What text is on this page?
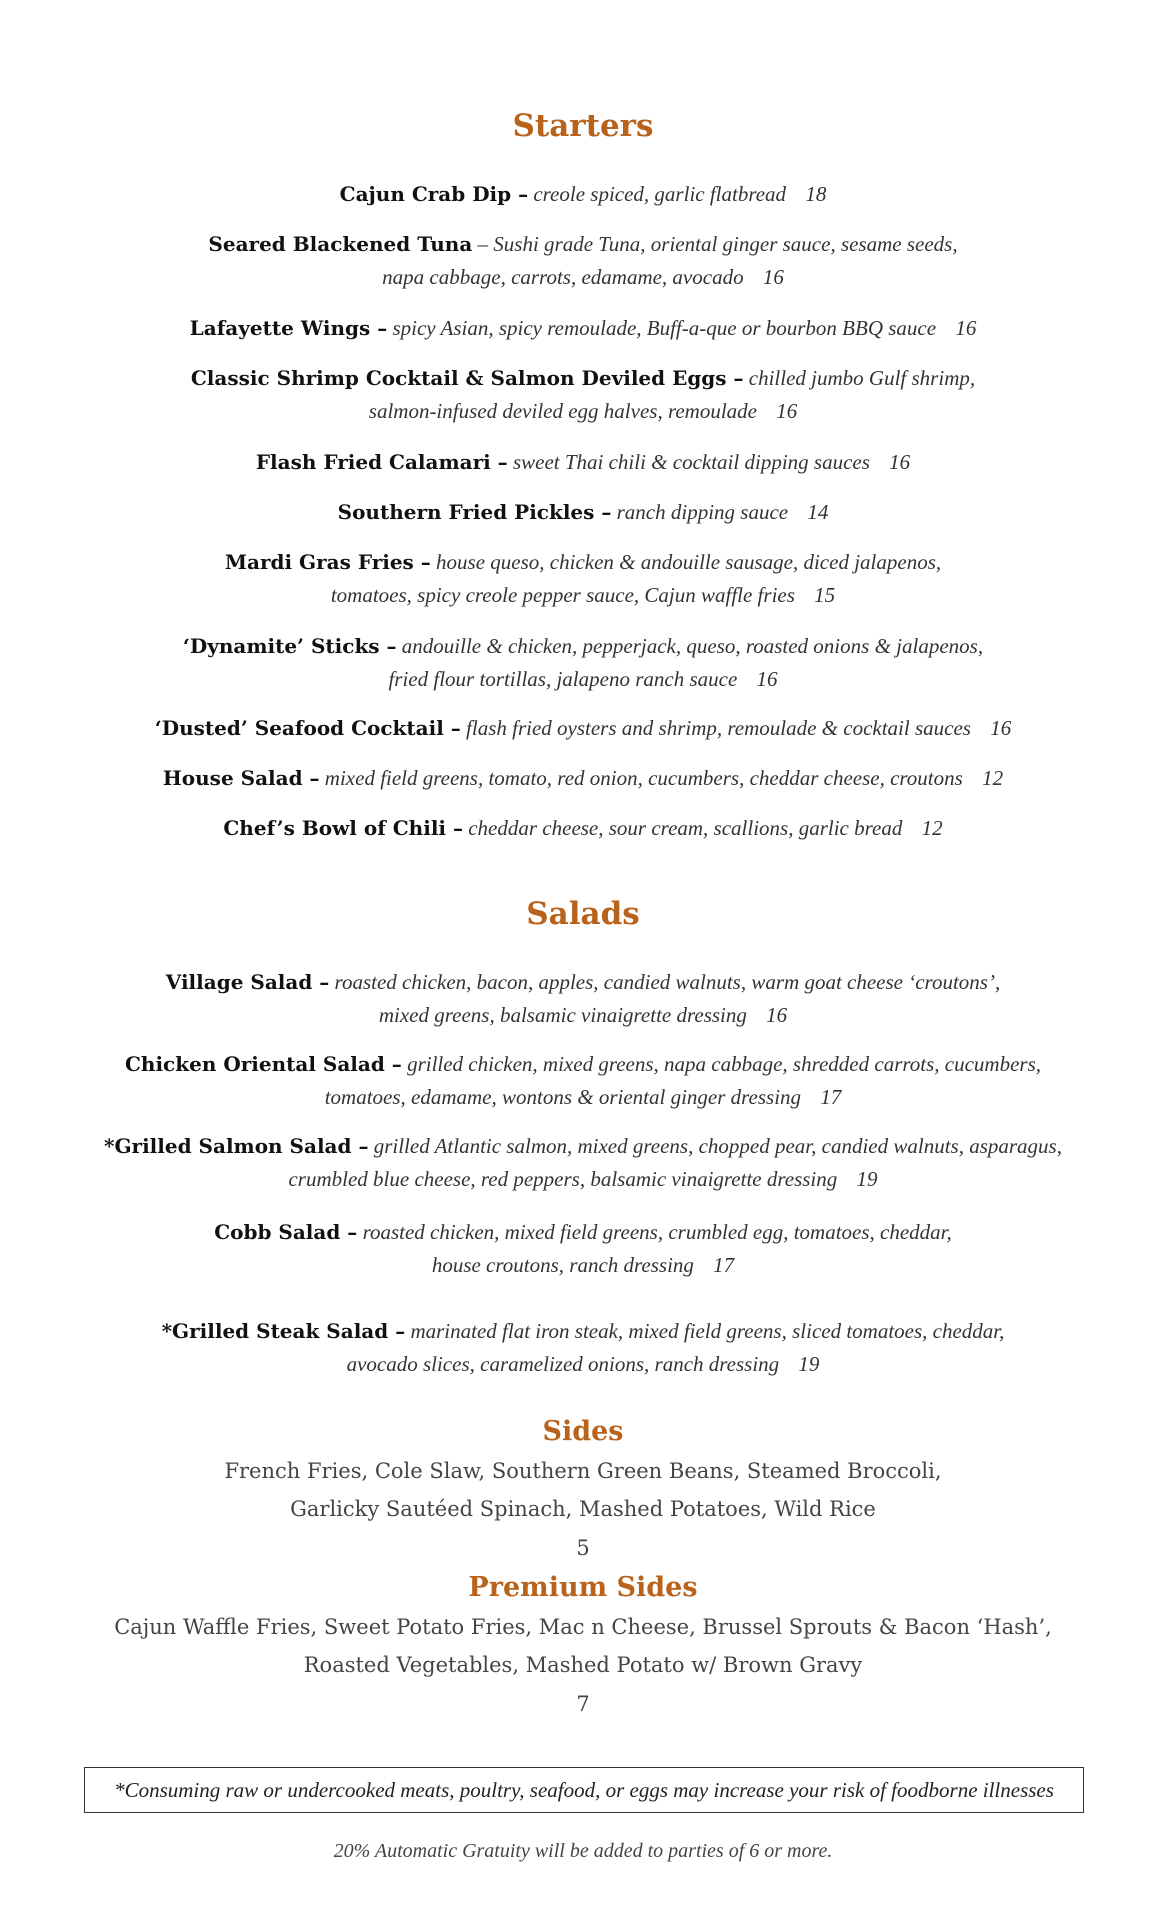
Starters
Cajun Crab Dip – creole spiced, garlic flatbread 18
Seared Blackened Tuna – Sushi grade Tuna, oriental ginger sauce, sesame seeds,
napa cabbage, carrots, edamame, avocado 16
Lafayette Wings – spicy Asian, spicy remoulade, Buff-a-que or bourbon BBQ sauce 16
Classic Shrimp Cocktail & Salmon Deviled Eggs – chilled jumbo Gulf shrimp,
salmon-infused deviled egg halves, remoulade 16
Flash Fried Calamari – sweet Thai chili & cocktail dipping sauces 16
Southern Fried Pickles – ranch dipping sauce 14
Mardi Gras Fries – house queso, chicken & andouille sausage, diced jalapenos,
tomatoes, spicy creole pepper sauce, Cajun waffle fries 15
‘Dynamite’ Sticks – andouille & chicken, pepperjack, queso, roasted onions & jalapenos,
fried flour tortillas, jalapeno ranch sauce 16
‘Dusted’ Seafood Cocktail – flash fried oysters and shrimp, remoulade & cocktail sauces 16
House Salad – mixed field greens, tomato, red onion, cucumbers, cheddar cheese, croutons 12
Chef’s Bowl of Chili – cheddar cheese, sour cream, scallions, garlic bread 12
Salads
Village Salad – roasted chicken, bacon, apples, candied walnuts, warm goat cheese ‘croutons’,
mixed greens, balsamic vinaigrette dressing 16
Chicken Oriental Salad – grilled chicken, mixed greens, napa cabbage, shredded carrots, cucumbers,
tomatoes, edamame, wontons & oriental ginger dressing 17
*Grilled Salmon Salad – grilled Atlantic salmon, mixed greens, chopped pear, candied walnuts, asparagus,
crumbled blue cheese, red peppers, balsamic vinaigrette dressing 19
Cobb Salad – roasted chicken, mixed field greens, crumbled egg, tomatoes, cheddar,
house croutons, ranch dressing 17
*Grilled Steak Salad – marinated flat iron steak, mixed field greens, sliced tomatoes, cheddar,
avocado slices, caramelized onions, ranch dressing 19
Sides
French Fries, Cole Slaw, Southern Green Beans, Steamed Broccoli,
Garlicky Sautéed Spinach, Mashed Potatoes, Wild Rice
5
Premium Sides
Cajun Waffle Fries, Sweet Potato Fries, Mac n Cheese, Brussel Sprouts & Bacon ‘Hash’,
Roasted Vegetables, Mashed Potato w/ Brown Gravy
7
*Consuming raw or undercooked meats, poultry, seafood, or eggs may increase your risk of foodborne illnesses
20% Automatic Gratuity will be added to parties of 6 or more.
